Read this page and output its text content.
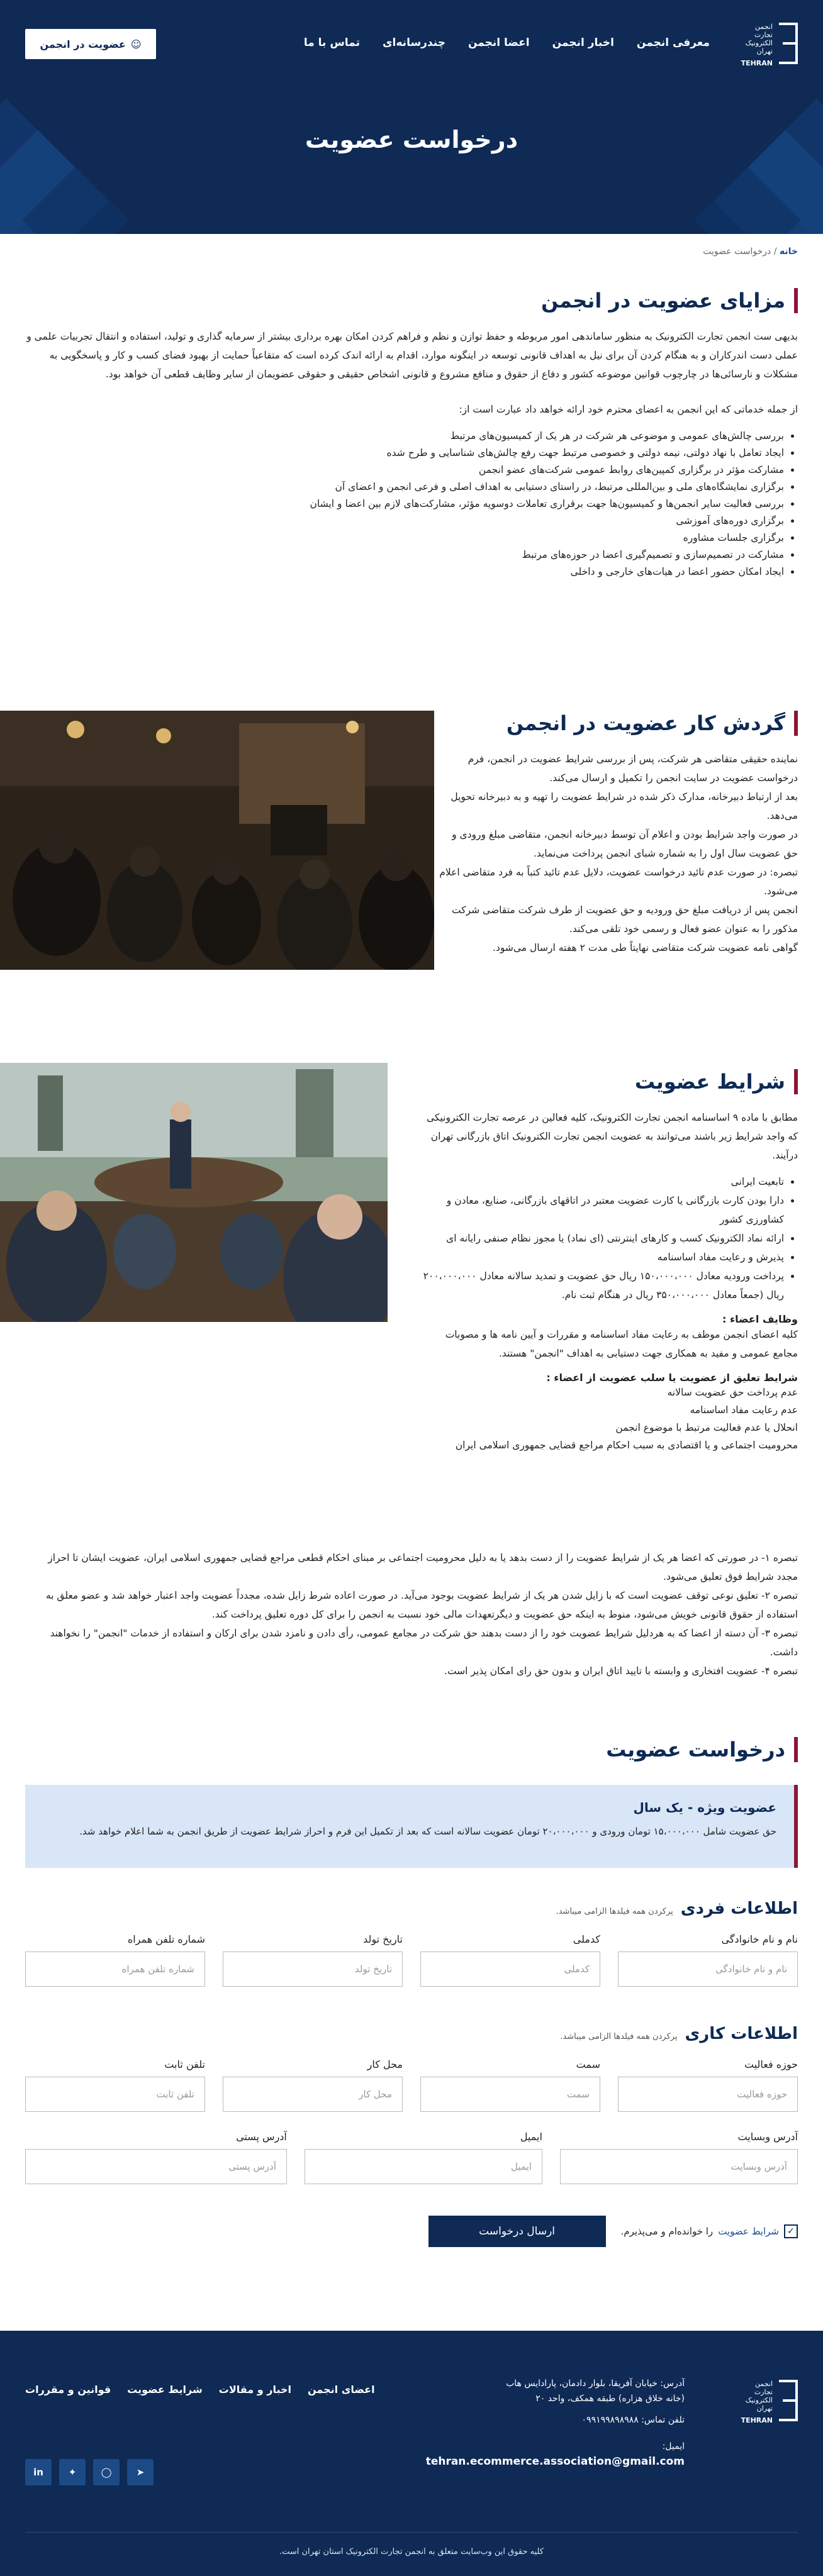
انجمن
تجارت
الکترونیک
تهران
TEHRAN
معرفی انجمن
اخبار انجمن
اعضا انجمن
چندرسانه‌ای
تماس با ما
☺
عضویت در انجمن
درخواست عضویت
خانه / درخواست عضویت
مزایای عضویت در انجمن

بدیهی ست انجمن تجارت الکترونیک به منظور ساماندهی امور مربوطه و حفظ توازن و نظم و فراهم کردن امکان بهره برداری بیشتر از سرمایه گذاری و تولید، استفاده و انتقال تجربیات علمی و عملی دست اندرکاران و به هنگام کردن آن برای نیل به اهداف قانونی توسعه در اینگونه موارد، اقدام به ارائه اندک کرده است که متقاعباً حمایت از بهبود فضای کسب و کار و پاسخگویی به مشکلات و نارسائی‌ها در چارچوب قوانین موضوعه کشور و دفاع از حقوق و منافع مشروع و قانونی اشخاص حقیقی و حقوقی عضو‌یمان از سایر وظایف قطعی آن خواهد بود.

از جمله خدماتی که این انجمن به اعضای محترم خود ارائه خواهد داد عبارت است از:

• بررسی چالش‌های عمومی و موضوعی هر شرکت در هر یک از کمیسیون‌های مرتبط
• ایجاد تعامل با نهاد دولتی، نیمه دولتی و خصوصی مرتبط جهت رفع چالش‌های شناسایی و طرح شده
• مشارکت مؤثر در برگزاری کمپین‌های روابط عمومی شرکت‌های عضو انجمن
• برگزاری نمایشگاه‌های ملی و بین‌المللی مرتبط، در راستای دستیابی به اهداف اصلی و فرعی انجمن و اعضای آن
• بررسی فعالیت سایر انجمن‌ها و کمیسیون‌ها جهت برقراری تعاملات دوسویه مؤثر، مشارکت‌های لازم بین اعضا و ایشان
• برگزاری دوره‌های آموزشی
• برگزاری جلسات مشاوره
• مشارکت در تصمیم‌سازی و تصمیم‌گیری اعضا در حوزه‌های مرتبط
• ایجاد امکان حضور اعضا در هیات‌های خارجی و داخلی
گردش کار عضویت در انجمن

نماینده حقیقی متقاضی هر شرکت، پس از بررسی شرایط عضویت در انجمن، فرم درخواست عضویت در سایت انجمن را تکمیل و ارسال می‌کند.

بعد از ارتباط دبیرخانه، مدارک ذکر شده در شرایط عضویت را تهیه و به دبیرخانه تحویل می‌دهد.

در صورت واجد شرایط بودن و اعلام آن توسط دبیرخانه انجمن، متقاضی مبلغ ورودی و حق عضویت سال اول را به شماره شبای انجمن پرداخت می‌نماید.

تبصره: در صورت عدم تائید درخواست عضویت، دلایل عدم تائید کتباً به فرد متقاضی اعلام می‌شود.

انجمن پس از دریافت مبلغ حق ورودیه و حق عضویت از طرف شرکت متقاضی شرکت مذکور را به عنوان عضو فعال و رسمی خود تلقی می‌کند.

گواهی نامه عضویت شرکت متقاضی نهایتاً طی مدت ۲ هفته ارسال می‌شود.

شرایط عضویت

مطابق با ماده ۹ اساسنامه انجمن تجارت الکترونیک، کلیه فعالین در عرصه تجارت الکترونیکی که واجد شرایط زیر باشند می‌توانند به عضویت انجمن تجارت الکترونیک اتاق بازرگانی تهران درآیند.

• تابعیت ایرانی
• دارا بودن کارت بازرگانی یا کارت عضویت معتبر در اتاقهای بازرگانی، صنایع، معادن و کشاورزی کشور
• ارائه نماد الکترونیک کسب و کارهای اینترنتی (ای نماد) یا مجوز نظام صنفی رایانه ای
• پذیرش و رعایت مفاد اساسنامه
• پرداخت ورودیه معادل ۱۵۰،۰۰۰،۰۰۰ ریال حق عضویت و تمدید سالانه معادل ۲۰۰،۰۰۰،۰۰۰ ریال (جمعاً معادل ۳۵۰،۰۰۰،۰۰۰ ریال در هنگام ثبت نام.
وظایف اعضاء :

کلیه اعضای انجمن موظف به رعایت مفاد اساسنامه و مقررات و آیین نامه ها و مصوبات مجامع عمومی و مفید به همکاری جهت دستیابی به اهداف "انجمن" هستند.

شرایط تعلیق از عضویت یا سلب عضویت از اعضاء :

عدم پرداخت حق عضویت سالانه

عدم رعایت مفاد اساسنامه

انحلال یا عدم فعالیت مرتبط با موضوع انجمن

محرومیت اجتماعی و یا اقتصادی به سبب احکام مراجع قضایی جمهوری اسلامی ایران

تبصره ۱- در صورتی که اعضا هر یک از شرایط عضویت را از دست بدهد یا به دلیل محرومیت اجتماعی بر مبنای احکام قطعی مراجع قضایی جمهوری اسلامی ایران، عضویت ایشان تا احراز مجدد شرایط فوق تعلیق می‌شود.

تبصره ۲- تعلیق نوعی توقف عضویت است که با زایل شدن هر یک از شرایط عضویت بوجود می‌آید. در صورت اعاده شرط زایل شده، مجدداً عضویت واجد اعتبار خواهد شد و عضو معلق به استفاده از حقوق قانونی خویش می‌شود، منوط به اینکه حق عضویت و دیگرتعهدات مالی خود نسبت به انجمن را برای کل دوره تعلیق پرداخت کند.

تبصره ۳- آن دسته از اعضا که به هردلیل شرایط عضویت خود را از دست بدهند حق شرکت در مجامع عمومی، رأی دادن و نامزد شدن برای ارکان و استفاده از خدمات "انجمن" را نخواهند داشت.

تبصره ۴- عضویت افتخاری و وابسته با تایید اتاق ایران و بدون حق رای امکان پذیر است.

درخواست عضویت
عضویت ویژه - یک سال

حق عضویت شامل ۱۵،۰۰۰،۰۰۰ تومان ورودی و ۲۰،۰۰۰،۰۰۰ تومان عضویت سالانه است که بعد از تکمیل این فرم و احراز شرایط عضویت از طریق انجمن به شما اعلام خواهد شد.

اطلاعات فردی
پرکردن همه فیلدها الزامی میباشد.
نام و نام خانوادگی
نام و نام خانوادگی
کدملی
کدملی
تاریخ تولد
تاریخ تولد
شماره تلفن همراه
شماره تلفن همراه
اطلاعات کاری
پرکردن همه فیلدها الزامی میباشد.
حوزه فعالیت
حوزه فعالیت
سمت
سمت
محل کار
محل کار
تلفن ثابت
تلفن ثابت
آدرس وبسایت
آدرس وبسایت
ایمیل
ایمیل
آدرس پستی
آدرس پستی
ارسال درخواست	✓
شرایط عضویت
را خوانده‌ام و می‌پذیرم.
انجمن
تجارت
الکترونیک
تهران
TEHRAN
آدرس: خیابان آفریقا، بلوار دادمان، پارادایس هاب (خانه خلاق هزاره) طبقه همکف، واحد ۲۰
تلفن تماس: ۰۹۹۱۹۹۸۹۸۹۸۸
ایمیل:
tehran.ecommerce.association@gmail.com
اعضای انجمن
اخبار و مقالات
شرایط عضویت
قوانین و مقررات
➤
◯
✦
in
کلیه حقوق این وب‌سایت متعلق به انجمن تجارت الکترونیک استان تهران است.
